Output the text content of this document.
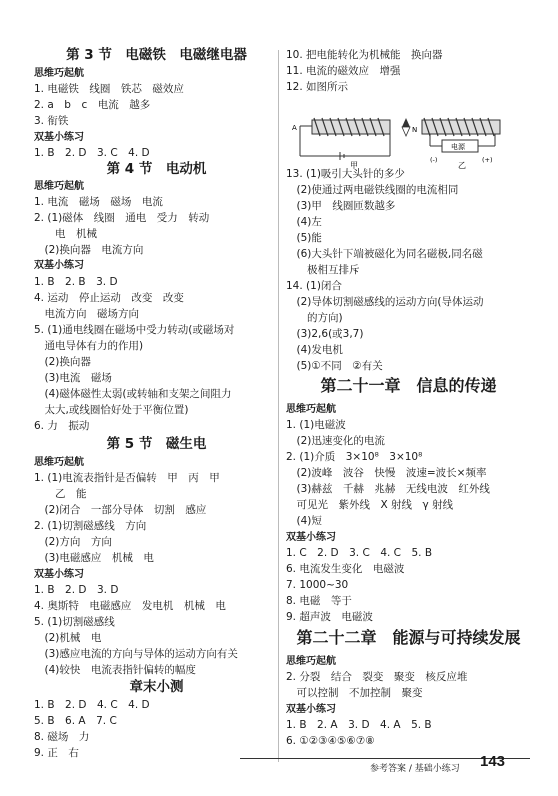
第 3 节　电磁铁　电磁继电器
思维巧起航
1. 电磁铁　线圈　铁芯　磁效应
2. a　b　c　电流　越多
3. 衔铁
双基小练习
1. B　2. D　3. C　4. D
第 4 节　电动机
思维巧起航
1. 电流　磁场　磁场　电流
2. (1)磁体　线圈　通电　受力　转动
　　电　机械
　(2)换向器　电流方向
双基小练习
1. B　2. B　3. D
4. 运动　停止运动　改变　改变
　电流方向　磁场方向
5. (1)通电线圈在磁场中受力转动(或磁场对
　通电导体有力的作用)
　(2)换向器
　(3)电流　磁场
　(4)磁体磁性太弱(或转轴和支架之间阻力
　太大,或线圈恰好处于平衡位置)
6. 力　振动
第 5 节　磁生电
思维巧起航
1. (1)电流表指针是否偏转　甲　丙　甲
　　乙　能
　(2)闭合　一部分导体　切割　感应
2. (1)切割磁感线　方向
　(2)方向　方向
　(3)电磁感应　机械　电
双基小练习
1. B　2. D　3. D
4. 奥斯特　电磁感应　发电机　机械　电
5. (1)切割磁感线
　(2)机械　电
　(3)感应电流的方向与导体的运动方向有关
　(4)较快　电流表指针偏转的幅度
章末小测
1. B　2. D　4. C　4. D
5. B　6. A　7. C
8. 磁场　力
9. 正　右
10. 把电能转化为机械能　换向器
11. 电流的磁效应　增强
12. 如图所示
13. (1)吸引大头针的多少
　(2)使通过两电磁铁线圈的电流相同
　(3)甲　线圈匝数越多
　(4)左
　(5)能
　(6)大头针下端被磁化为同名磁极,同名磁
　　极相互排斥
14. (1)闭合
　(2)导体切割磁感线的运动方向(导体运动
　　的方向)
　(3)2,6(或3,7)
　(4)发电机
　(5)①不同　②有关
第二十一章　信息的传递
思维巧起航
1. (1)电磁波
　(2)迅速变化的电流
2. (1)介质　3×10⁸　3×10⁸
　(2)波峰　波谷　快慢　波速=波长×频率
　(3)赫兹　千赫　兆赫　无线电波　红外线
　可见光　紫外线　X 射线　γ 射线
　(4)短
双基小练习
1. C　2. D　3. C　4. C　5. B
6. 电流发生变化　电磁波
7. 1000~30
8. 电磁　等于
9. 超声波　电磁波
第二十二章　能源与可持续发展
思维巧起航
2. 分裂　结合　裂变　聚变　核反应堆
　可以控制　不加控制　聚变
双基小练习
1. B　2. A　3. D　4. A　5. B
6. ①②③④⑤⑥⑦⑧
A
甲
N
电源
(-)	(+)
乙
参考答案 / 基础小练习 143
